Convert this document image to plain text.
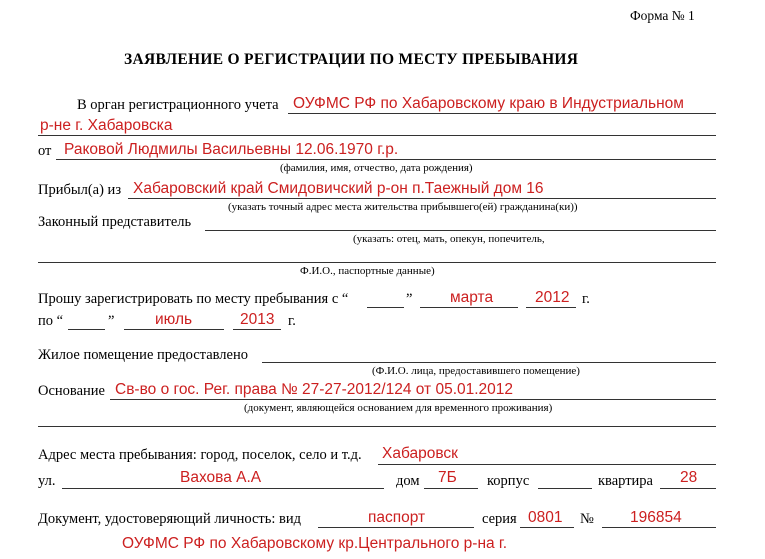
Форма № 1
ЗАЯВЛЕНИЕ О РЕГИСТРАЦИИ ПО МЕСТУ ПРЕБЫВАНИЯ
В орган регистрационного учета ОУФМС РФ по Хабаровскому краю в Индустриальном
р-не г. Хабаровска
от Раковой Людмилы Васильевны 12.06.1970 г.р.
(фамилия, имя, отчество, дата рождения)
Прибыл(а) из Хабаровский край Смидовичский р-он п.Таежный дом 16
(указать точный адрес места жительства прибывшего(ей) гражданина(ки))
Законный представитель
(указать: отец, мать, опекун, попечитель,
Ф.И.О., паспортные данные)
Прошу зарегистрировать по месту пребывания с “	” марта	2012 г.
по “	”	июль	2013 г.
Жилое помещение предоставлено
(Ф.И.О. лица, предоставившего помещение)
Основание Св-во о гос. Рег. права № 27-27-2012/124 от 05.01.2012
(документ, являющейся основанием для временного проживания)
Адрес места пребывания: город, поселок, село и т.д. Хабаровск
ул.	Вахова А.А	дом 7Б корпус	квартира 28
Документ, удостоверяющий личность: вид	паспорт	серия 0801 № 196854
ОУФМС РФ по Хабаровскому кр.Центрального р-на г.
